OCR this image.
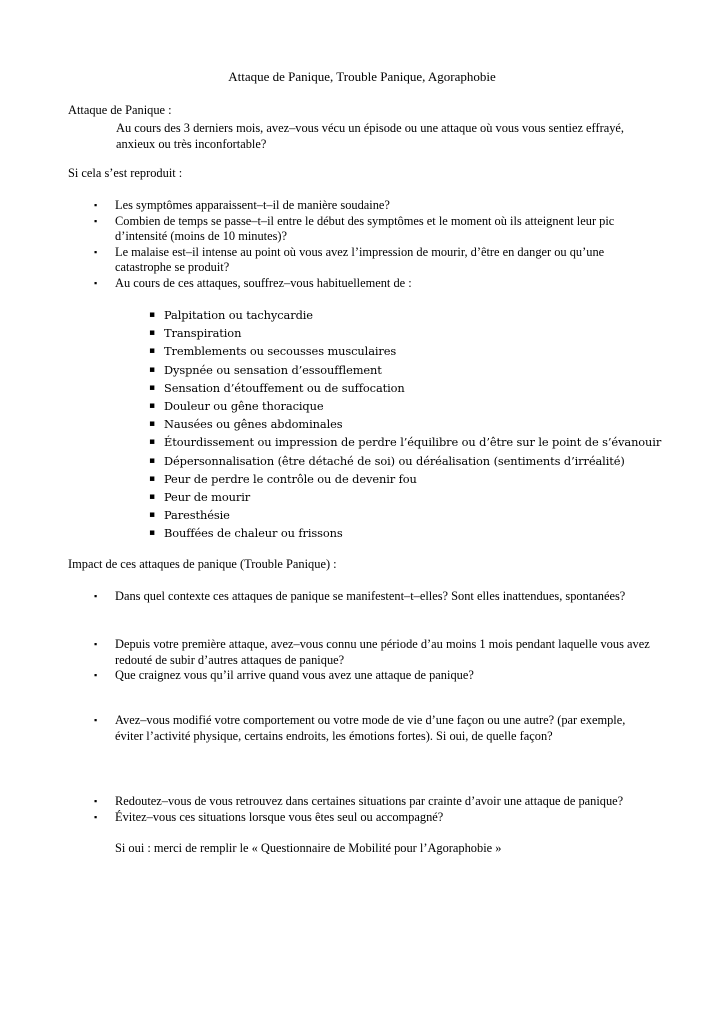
Attaque de Panique, Trouble Panique, Agoraphobie
Attaque de Panique :
Au cours des 3 derniers mois, avez–vous vécu un épisode ou une attaque où vous vous sentiez effrayé, anxieux ou très inconfortable?
Si cela s’est reproduit :
▪ Les symptômes apparaissent–t–il de manière soudaine?
▪ Combien de temps se passe–t–il entre le début des symptômes et le moment où ils atteignent leur pic d’intensité (moins de 10 minutes)?
▪ Le malaise est–il intense au point où vous avez l’impression de mourir, d’être en danger ou qu’une catastrophe se produit?
▪ Au cours de ces attaques, souffrez–vous habituellement de :
▪ Palpitation ou tachycardie
▪ Transpiration
▪ Tremblements ou secousses musculaires
▪ Dyspnée ou sensation d’essoufflement
▪ Sensation d’étouffement ou de suffocation
▪ Douleur ou gêne thoracique
▪ Nausées ou gênes abdominales
▪ Étourdissement ou impression de perdre l’équilibre ou d’être sur le point de s’évanouir
▪ Dépersonnalisation (être détaché de soi) ou déréalisation (sentiments d’irréalité)
▪ Peur de perdre le contrôle ou de devenir fou
▪ Peur de mourir
▪ Paresthésie
▪ Bouffées de chaleur ou frissons
Impact de ces attaques de panique (Trouble Panique) :
▪ Dans quel contexte ces attaques de panique se manifestent–t–elles? Sont elles inattendues, spontanées?
▪ Depuis votre première attaque, avez–vous connu une période d’au moins 1 mois pendant laquelle vous avez redouté de subir d’autres attaques de panique?
▪ Que craignez vous qu’il arrive quand vous avez une attaque de panique?
▪ Avez–vous modifié votre comportement ou votre mode de vie d’une façon ou une autre? (par exemple, éviter l’activité physique, certains endroits, les émotions fortes). Si oui, de quelle façon?
▪ Redoutez–vous de vous retrouvez dans certaines situations par crainte d’avoir une attaque de panique?
▪ Évitez–vous ces situations lorsque vous êtes seul ou accompagné?
Si oui : merci de remplir le « Questionnaire de Mobilité pour l’Agoraphobie »
